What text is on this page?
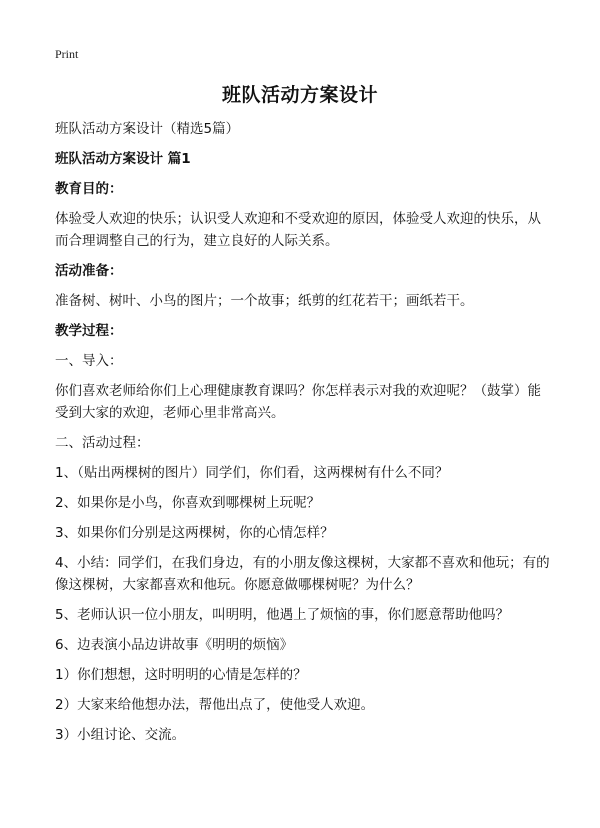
Print
班队活动方案设计

班队活动方案设计（精选5篇）

班队活动方案设计 篇1

教育目的：

体验受人欢迎的快乐；认识受人欢迎和不受欢迎的原因，体验受人欢迎的快乐，从而合理调整自己的行为，建立良好的人际关系。

活动准备：

准备树、树叶、小鸟的图片；一个故事；纸剪的红花若干；画纸若干。

教学过程：

一、导入：

你们喜欢老师给你们上心理健康教育课吗？你怎样表示对我的欢迎呢？（鼓掌）能受到大家的欢迎，老师心里非常高兴。

二、活动过程：

1、（贴出两棵树的图片）同学们，你们看，这两棵树有什么不同？

2、如果你是小鸟，你喜欢到哪棵树上玩呢？

3、如果你们分别是这两棵树，你的心情怎样？

4、小结：同学们，在我们身边，有的小朋友像这棵树，大家都不喜欢和他玩；有的像这棵树，大家都喜欢和他玩。你愿意做哪棵树呢？为什么？

5、老师认识一位小朋友，叫明明，他遇上了烦恼的事，你们愿意帮助他吗？

6、边表演小品边讲故事《明明的烦恼》

1）你们想想，这时明明的心情是怎样的？

2）大家来给他想办法，帮他出点了，使他受人欢迎。

3）小组讨论、交流。
